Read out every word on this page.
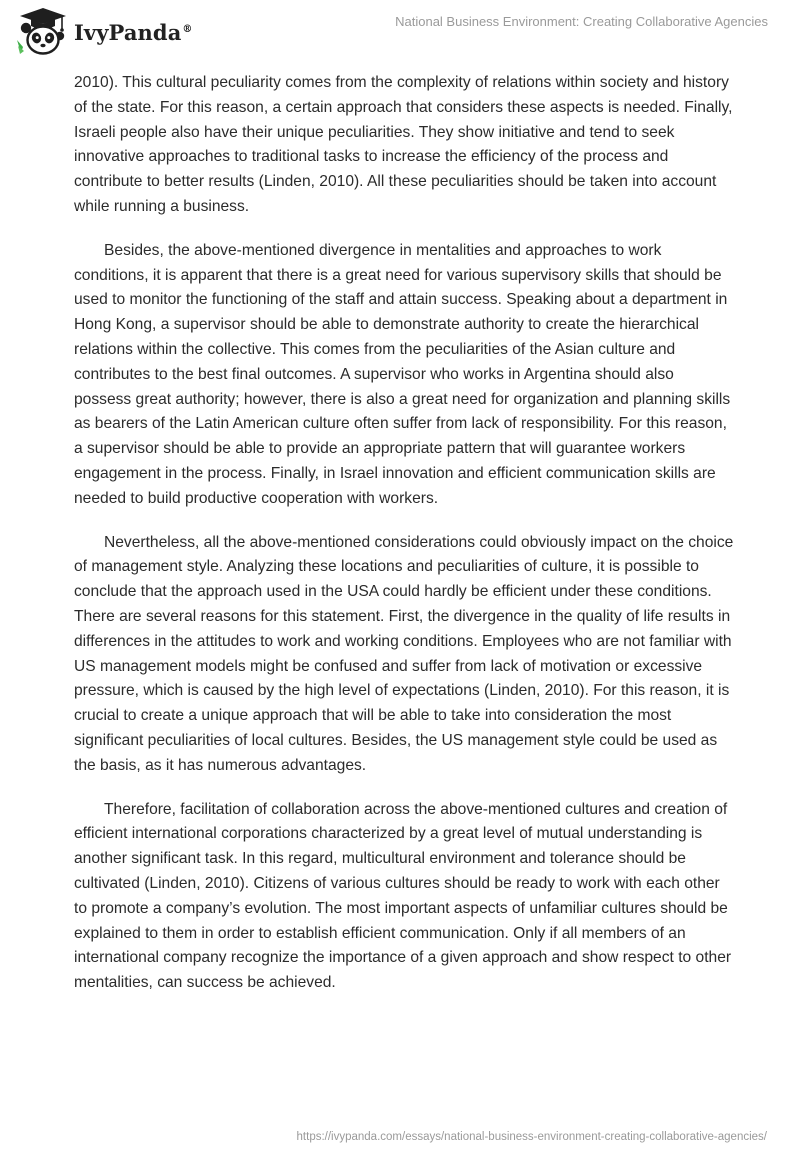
IvyPanda®	National Business Environment: Creating Collaborative Agencies

2010). This cultural peculiarity comes from the complexity of relations within society and history of the state. For this reason, a certain approach that considers these aspects is needed. Finally, Israeli people also have their unique peculiarities. They show initiative and tend to seek innovative approaches to traditional tasks to increase the efficiency of the process and contribute to better results (Linden, 2010). All these peculiarities should be taken into account while running a business.

Besides, the above-mentioned divergence in mentalities and approaches to work conditions, it is apparent that there is a great need for various supervisory skills that should be used to monitor the functioning of the staff and attain success. Speaking about a department in Hong Kong, a supervisor should be able to demonstrate authority to create the hierarchical relations within the collective. This comes from the peculiarities of the Asian culture and contributes to the best final outcomes. A supervisor who works in Argentina should also possess great authority; however, there is also a great need for organization and planning skills as bearers of the Latin American culture often suffer from lack of responsibility. For this reason, a supervisor should be able to provide an appropriate pattern that will guarantee workers engagement in the process. Finally, in Israel innovation and efficient communication skills are needed to build productive cooperation with workers.

Nevertheless, all the above-mentioned considerations could obviously impact on the choice of management style. Analyzing these locations and peculiarities of culture, it is possible to conclude that the approach used in the USA could hardly be efficient under these conditions. There are several reasons for this statement. First, the divergence in the quality of life results in differences in the attitudes to work and working conditions. Employees who are not familiar with US management models might be confused and suffer from lack of motivation or excessive pressure, which is caused by the high level of expectations (Linden, 2010). For this reason, it is crucial to create a unique approach that will be able to take into consideration the most significant peculiarities of local cultures. Besides, the US management style could be used as the basis, as it has numerous advantages.

Therefore, facilitation of collaboration across the above-mentioned cultures and creation of efficient international corporations characterized by a great level of mutual understanding is another significant task. In this regard, multicultural environment and tolerance should be cultivated (Linden, 2010). Citizens of various cultures should be ready to work with each other to promote a company’s evolution. The most important aspects of unfamiliar cultures should be explained to them in order to establish efficient communication. Only if all members of an international company recognize the importance of a given approach and show respect to other mentalities, can success be achieved.

https://ivypanda.com/essays/national-business-environment-creating-collaborative-agencies/
